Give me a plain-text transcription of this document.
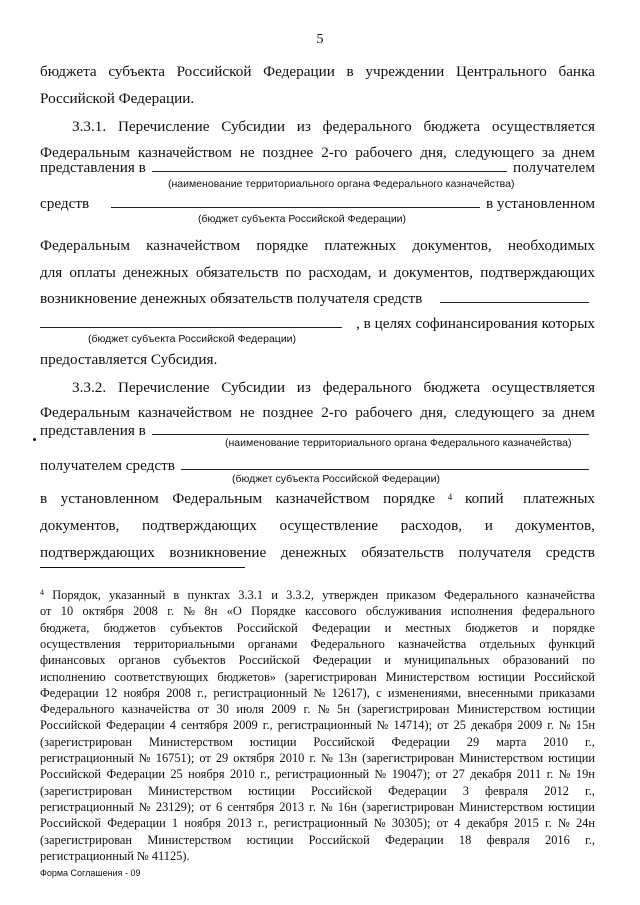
5
бюджета субъекта Российской Федерации в учреждении Центрального банка
Российской Федерации.
3.3.1. Перечисление Субсидии из федерального бюджета осуществляется
Федеральным казначейством не позднее 2-го рабочего дня, следующего за днем
представления в	получателем
(наименование территориального органа Федерального казначейства)
средств	в установленном
(бюджет субъекта Российской Федерации)
Федеральным казначейством порядке платежных документов, необходимых
для оплаты денежных обязательств по расходам, и документов, подтверждающих
возникновение денежных обязательств получателя средств
, в целях софинансирования которых
(бюджет субъекта Российской Федерации)
предоставляется Субсидия.
3.3.2. Перечисление Субсидии из федерального бюджета осуществляется
Федеральным казначейством не позднее 2-го рабочего дня, следующего за днем
представления в
(наименование территориального органа Федерального казначейства)
получателем средств
(бюджет субъекта Российской Федерации)
в установленном Федеральным казначейством порядке 4 копий платежных
документов, подтверждающих осуществление расходов, и документов,
подтверждающих возникновение денежных обязательств получателя средств
4 Порядок, указанный в пунктах 3.3.1 и 3.3.2, утвержден приказом Федерального казначейства
от 10 октября 2008 г. № 8н «О Порядке кассового обслуживания исполнения федерального
бюджета, бюджетов субъектов Российской Федерации и местных бюджетов и порядке
осуществления территориальными органами Федерального казначейства отдельных функций
финансовых органов субъектов Российской Федерации и муниципальных образований по
исполнению соответствующих бюджетов» (зарегистрирован Министерством юстиции Российской
Федерации 12 ноября 2008 г., регистрационный № 12617), с изменениями, внесенными приказами
Федерального казначейства от 30 июля 2009 г. № 5н (зарегистрирован Министерством юстиции
Российской Федерации 4 сентября 2009 г., регистрационный № 14714); от 25 декабря 2009 г. № 15н
(зарегистрирован Министерством юстиции Российской Федерации 29 марта 2010 г.,
регистрационный № 16751); от 29 октября 2010 г. № 13н (зарегистрирован Министерством юстиции
Российской Федерации 25 ноября 2010 г., регистрационный № 19047); от 27 декабря 2011 г. № 19н
(зарегистрирован Министерством юстиции Российской Федерации 3 февраля 2012 г.,
регистрационный № 23129); от 6 сентября 2013 г. № 16н (зарегистрирован Министерством юстиции
Российской Федерации 1 ноября 2013 г., регистрационный № 30305); от 4 декабря 2015 г. № 24н
(зарегистрирован Министерством юстиции Российской Федерации 18 февраля 2016 г.,
регистрационный № 41125).
Форма Соглашения - 09
